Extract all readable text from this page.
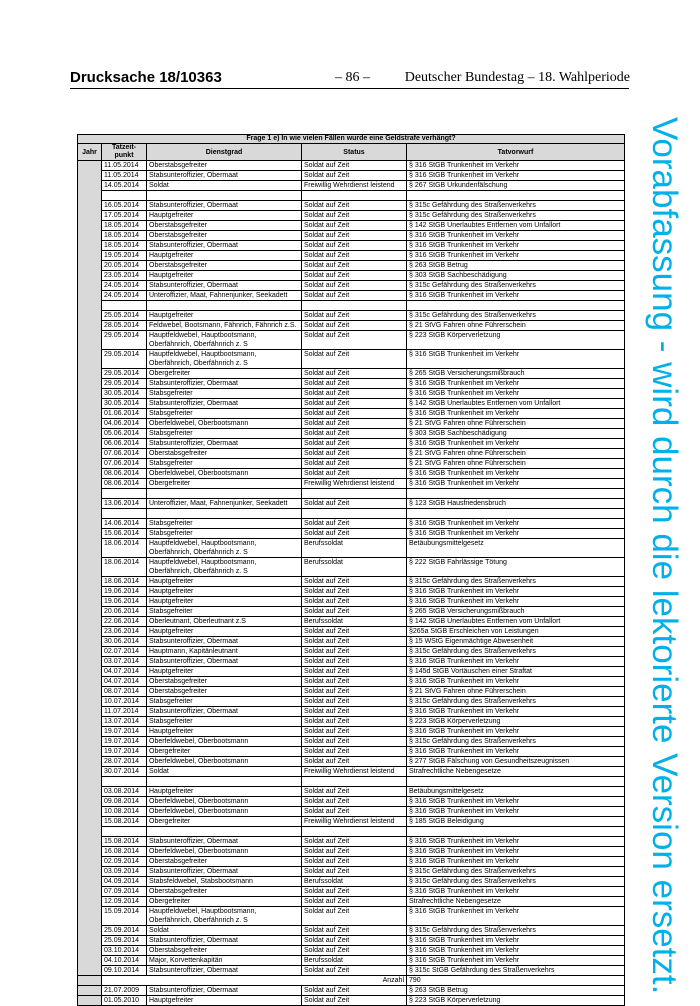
Drucksache 18/10363	– 86 – Deutscher Bundestag – 18. Wahlperiode
Vorabfassung - wird durch die lektorierte Version ersetzt.
Frage 1 e) In wie vielen Fällen wurde eine Geldstrafe verhängt?				
Jahr	Tatzeit-punkt	Dienstgrad	Status	Tatvorwurf
	11.05.2014	Oberstabsgefreiter	Soldat auf Zeit	§ 316 StGB Trunkenheit im Verkehr
	11.05.2014	Stabsunteroffizier, Obermaat	Soldat auf Zeit	§ 316 StGB Trunkenheit im Verkehr
	14.05.2014	Soldat	Freiwillig Wehrdienst leistend	§ 267 StGB Urkundenfälschung

	16.05.2014	Stabsunteroffizier, Obermaat	Soldat auf Zeit	§ 315c Gefährdung des Straßenverkehrs
	17.05.2014	Hauptgefreiter	Soldat auf Zeit	§ 315c Gefährdung des Straßenverkehrs
	18.05.2014	Oberstabsgefreiter	Soldat auf Zeit	§ 142 StGB Unerlaubtes Entfernen vom Unfallort
	18.05.2014	Oberstabsgefreiter	Soldat auf Zeit	§ 316 StGB Trunkenheit im Verkehr
	18.05.2014	Stabsunteroffizier, Obermaat	Soldat auf Zeit	§ 316 StGB Trunkenheit im Verkehr
	19.05.2014	Hauptgefreiter	Soldat auf Zeit	§ 316 StGB Trunkenheit im Verkehr
	20.05.2014	Oberstabsgefreiter	Soldat auf Zeit	§ 263 StGB Betrug
	23.05.2014	Hauptgefreiter	Soldat auf Zeit	§ 303 StGB Sachbeschädigung
	24.05.2014	Stabsunteroffizier, Obermaat	Soldat auf Zeit	§ 315c Gefährdung des Straßenverkehrs
	24.05.2014	Unteroffizier, Maat, Fahnenjunker, Seekadett	Soldat auf Zeit	§ 316 StGB Trunkenheit im Verkehr

	25.05.2014	Hauptgefreiter	Soldat auf Zeit	§ 315c Gefährdung des Straßenverkehrs
	28.05.2014	Feldwebel, Bootsmann, Fähnrich, Fähnrich z.S.	Soldat auf Zeit	§ 21 StVG Fahren ohne Führerschein
	29.05.2014	Hauptfeldwebel, Hauptbootsmann, Oberfähnrich, Oberfähnrich z. S	Soldat auf Zeit	§ 223 StGB Körperverletzung
	29.05.2014	Hauptfeldwebel, Hauptbootsmann, Oberfähnrich, Oberfähnrich z. S	Soldat auf Zeit	§ 316 StGB Trunkenheit im Verkehr
	29.05.2014	Obergefreiter	Soldat auf Zeit	§ 265 StGB Versicherungsmißbrauch
	29.05.2014	Stabsunteroffizier, Obermaat	Soldat auf Zeit	§ 316 StGB Trunkenheit im Verkehr
	30.05.2014	Stabsgefreiter	Soldat auf Zeit	§ 316 StGB Trunkenheit im Verkehr
	30.05.2014	Stabsunteroffizier, Obermaat	Soldat auf Zeit	§ 142 StGB Unerlaubtes Entfernen vom Unfallort
	01.06.2014	Stabsgefreiter	Soldat auf Zeit	§ 316 StGB Trunkenheit im Verkehr
	04.06.2014	Oberfeldwebel, Oberbootsmann	Soldat auf Zeit	§ 21 StVG Fahren ohne Führerschein
	05.06.2014	Stabsgefreiter	Soldat auf Zeit	§ 303 StGB Sachbeschädigung
	06.06.2014	Stabsunteroffizier, Obermaat	Soldat auf Zeit	§ 316 StGB Trunkenheit im Verkehr
	07.06.2014	Oberstabsgefreiter	Soldat auf Zeit	§ 21 StVG Fahren ohne Führerschein
	07.06.2014	Stabsgefreiter	Soldat auf Zeit	§ 21 StVG Fahren ohne Führerschein
	08.06.2014	Oberfeldwebel, Oberbootsmann	Soldat auf Zeit	§ 316 StGB Trunkenheit im Verkehr
	08.06.2014	Obergefreiter	Freiwillig Wehrdienst leistend	§ 316 StGB Trunkenheit im Verkehr

	13.06.2014	Unteroffizier, Maat, Fahnenjunker, Seekadett	Soldat auf Zeit	§ 123 StGB Hausfriedensbruch

	14.06.2014	Stabsgefreiter	Soldat auf Zeit	§ 316 StGB Trunkenheit im Verkehr
	15.06.2014	Stabsgefreiter	Soldat auf Zeit	§ 316 StGB Trunkenheit im Verkehr
	18.06.2014	Hauptfeldwebel, Hauptbootsmann, Oberfähnrich, Oberfähnrich z. S	Berufssoldat	Betäubungsmittelgesetz
	18.06.2014	Hauptfeldwebel, Hauptbootsmann, Oberfähnrich, Oberfähnrich z. S	Berufssoldat	§ 222 StGB Fahrlässige Tötung
	18.06.2014	Hauptgefreiter	Soldat auf Zeit	§ 315c Gefährdung des Straßenverkehrs
	19.06.2014	Hauptgefreiter	Soldat auf Zeit	§ 316 StGB Trunkenheit im Verkehr
	19.06.2014	Hauptgefreiter	Soldat auf Zeit	§ 316 StGB Trunkenheit im Verkehr
	20.06.2014	Stabsgefreiter	Soldat auf Zeit	§ 265 StGB Versicherungsmißbrauch
	22.06.2014	Oberleutnant, Oberleutnant z.S	Berufssoldat	§ 142 StGB Unerlaubtes Entfernen vom Unfallort
	23.06.2014	Hauptgefreiter	Soldat auf Zeit	§265a StGB Erschleichen von Leistungen
	30.06.2014	Stabsunteroffizier, Obermaat	Soldat auf Zeit	§ 15 WStG Eigenmächtige Abwesenheit
	02.07.2014	Hauptmann, Kapitänleutnant	Soldat auf Zeit	§ 315c Gefährdung des Straßenverkehrs
	03.07.2014	Stabsunteroffizier, Obermaat	Soldat auf Zeit	§ 316 StGB Trunkenheit im Verkehr
	04.07.2014	Hauptgefreiter	Soldat auf Zeit	§ 145d StGB Vortäuschen einer Straftat
	04.07.2014	Oberstabsgefreiter	Soldat auf Zeit	§ 316 StGB Trunkenheit im Verkehr
	08.07.2014	Oberstabsgefreiter	Soldat auf Zeit	§ 21 StVG Fahren ohne Führerschein
	10.07.2014	Stabsgefreiter	Soldat auf Zeit	§ 315c Gefährdung des Straßenverkehrs
	11.07.2014	Stabsunteroffizier, Obermaat	Soldat auf Zeit	§ 316 StGB Trunkenheit im Verkehr
	13.07.2014	Stabsgefreiter	Soldat auf Zeit	§ 223 StGB Körperverletzung
	19.07.2014	Hauptgefreiter	Soldat auf Zeit	§ 316 StGB Trunkenheit im Verkehr
	19.07.2014	Oberfeldwebel, Oberbootsmann	Soldat auf Zeit	§ 315c Gefährdung des Straßenverkehrs
	19.07.2014	Obergefreiter	Soldat auf Zeit	§ 316 StGB Trunkenheit im Verkehr
	28.07.2014	Oberfeldwebel, Oberbootsmann	Soldat auf Zeit	§ 277 StGB Fälschung von Gesundheitszeugnissen
	30.07.2014	Soldat	Freiwillig Wehrdienst leistend	Strafrechtliche Nebengesetze

	03.08.2014	Hauptgefreiter	Soldat auf Zeit	Betäubungsmittelgesetz
	09.08.2014	Oberfeldwebel, Oberbootsmann	Soldat auf Zeit	§ 316 StGB Trunkenheit im Verkehr
	10.08.2014	Oberfeldwebel, Oberbootsmann	Soldat auf Zeit	§ 316 StGB Trunkenheit im Verkehr
	15.08.2014	Obergefreiter	Freiwillig Wehrdienst leistend	§ 185 StGB Beleidigung

	15.08.2014	Stabsunteroffizier, Obermaat	Soldat auf Zeit	§ 316 StGB Trunkenheit im Verkehr
	16.08.2014	Oberfeldwebel, Oberbootsmann	Soldat auf Zeit	§ 316 StGB Trunkenheit im Verkehr
	02.09.2014	Oberstabsgefreiter	Soldat auf Zeit	§ 316 StGB Trunkenheit im Verkehr
	03.09.2014	Stabsunteroffizier, Obermaat	Soldat auf Zeit	§ 315c Gefährdung des Straßenverkehrs
	04.09.2014	Stabsfeldwebel, Stabsbootsmann	Berufssoldat	§ 315c Gefährdung des Straßenverkehrs
	07.09.2014	Oberstabsgefreiter	Soldat auf Zeit	§ 316 StGB Trunkenheit im Verkehr
	12.09.2014	Obergefreiter	Soldat auf Zeit	Strafrechtliche Nebengesetze
	15.09.2014	Hauptfeldwebel, Hauptbootsmann, Oberfähnrich, Oberfähnrich z. S	Soldat auf Zeit	§ 316 StGB Trunkenheit im Verkehr
	25.09.2014	Soldat	Soldat auf Zeit	§ 315c Gefährdung des Straßenverkehrs
	25.09.2014	Stabsunteroffizier, Obermaat	Soldat auf Zeit	§ 316 StGB Trunkenheit im Verkehr
	03.10.2014	Oberstabsgefreiter	Soldat auf Zeit	§ 316 StGB Trunkenheit im Verkehr
	04.10.2014	Major, Korvettenkapitän	Berufssoldat	§ 316 StGB Trunkenheit im Verkehr
	09.10.2014	Stabsunteroffizier, Obermaat	Soldat auf Zeit	§ 315c StGB Gefährdung des Straßenverkehrs
	Anzahl			790
	21.07.2009	Stabsunteroffizier, Obermaat	Soldat auf Zeit	§ 263 StGB Betrug
	01.05.2010	Hauptgefreiter	Soldat auf Zeit	§ 223 StGB Körperverletzung
